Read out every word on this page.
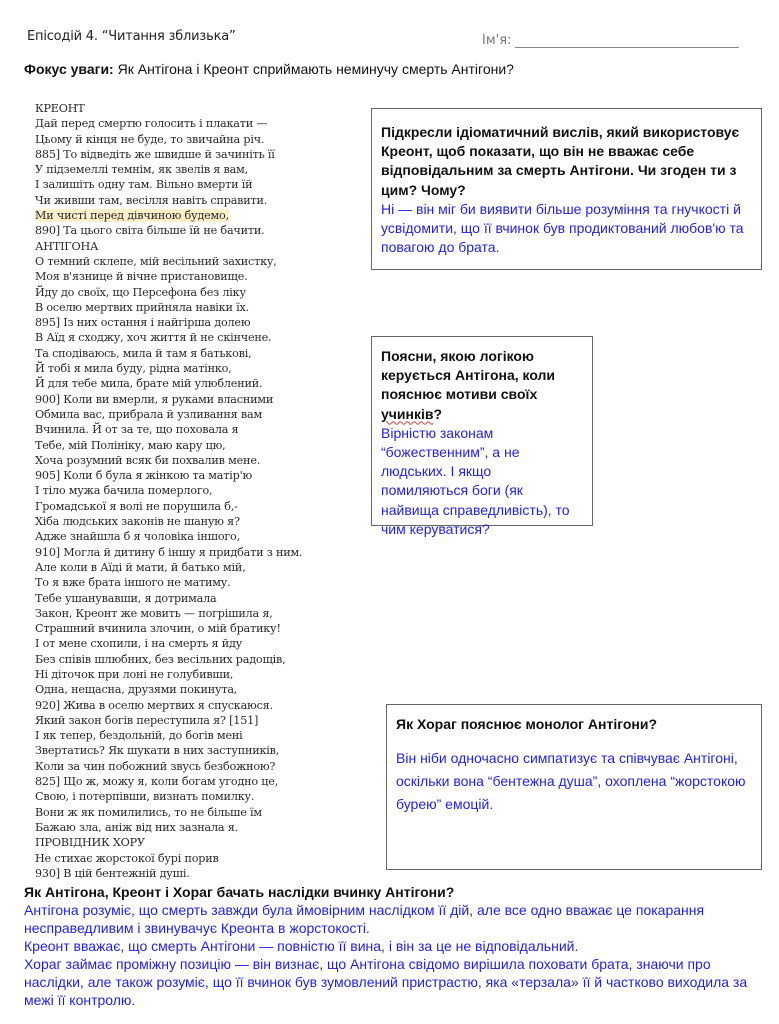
Епісодій 4. “Читання зблизька”	Ім'я:
Фокус уваги: Як Антігона і Креонт сприймають неминучу смерть Антігони?
КРЕОНТ
Дай перед смертю голосить і плакати —
Цьому й кінця не буде, то звичайна річ.
885] То відведіть же швидше й зачиніть її
У підземеллі темнім, як звелів я вам,
І залишіть одну там. Вільно вмерти їй
Чи живши там, весілля навіть справити.
Ми чисті перед дівчиною будемо,
890] Та цього світа більше їй не бачити.
АНТІГОНА
О темний склепе, мій весільний захистку,
Моя в'язнице й вічне пристановище.
Йду до своїх, що Персефона без ліку
В оселю мертвих прийняла навіки їх.
895] Із них остання і найгірша долею
В Аїд я сходжу, хоч життя й не скінчене.
Та сподіваюсь, мила й там я батькові,
Й тобі я мила буду, рідна матінко,
Й для тебе мила, брате мій улюблений.
900] Коли ви вмерли, я руками власними
Обмила вас, прибрала й узливання вам
Вчинила. Й от за те, що поховала я
Тебе, мій Полініку, маю кару цю,
Хоча розумний всяк би похвалив мене.
905] Коли б була я жінкою та матір'ю
І тіло мужа бачила померлого,
Громадської я волі не порушила б,-
Хіба людських законів не шаную я?
Адже знайшла б я чоловіка іншого,
910] Могла й дитину б іншу я придбати з ним.
Але коли в Аїді й мати, й батько мій,
То я вже брата іншого не матиму.
Тебе ушанувавши, я дотримала
Закон, Креонт же мовить — погрішила я,
Страшний вчинила злочин, о мій братику!
І от мене схопили, і на смерть я йду
Без співів шлюбних, без весільних радощів,
Ні діточок при лоні не голубивши,
Одна, нещасна, друзями покинута,
920] Жива в оселю мертвих я спускаюся.
Який закон богів переступила я? [151]
І як тепер, бездольній, до богів мені
Звертатись? Як шукати в них заступників,
Коли за чин побожний звусь безбожною?
825] Що ж, можу я, коли богам угодно це,
Свою, і потерпівши, визнать помилку.
Вони ж як помилились, то не більше їм
Бажаю зла, аніж від них зазнала я.
ПРОВІДНИК ХОРУ
Не стихає жорстокої бурі порив
930] В цій бентежній душі.
Підкресли ідіоматичний вислів, який використовує Креонт, щоб показати, що він не вважає себе відповідальним за смерть Антігони. Чи згоден ти з цим? Чому?
Ні — він міг би виявити більше розуміння та гнучкості й усвідомити, що її вчинок був продиктований любов'ю та повагою до брата.
Поясни, якою логікою керується Антігона, коли пояснює мотиви своїх учинків?
Вірністю законам “божественним”, а не людських. І якщо помиляються боги (як найвища справедливість), то чим керуватися?
Як Хораг пояснює монолог Антігони?
Він ніби одночасно симпатизує та співчуває Антігоні, оскільки вона “бентежна душа”, охоплена “жорстокою бурею” емоцій.
Як Антігона, Креонт і Хораг бачать наслідки вчинку Антігони?
Антігона розуміє, що смерть завжди була ймовірним наслідком її дій, але все одно вважає це покарання несправедливим і звинувачує Креонта в жорстокості.
Креонт вважає, що смерть Антігони — повністю її вина, і він за це не відповідальний.
Хораг займає проміжну позицію — він визнає, що Антігона свідомо вирішила поховати брата, знаючи про наслідки, але також розуміє, що її вчинок був зумовлений пристрастю, яка «терзала» її й частково виходила за межі її контролю.
